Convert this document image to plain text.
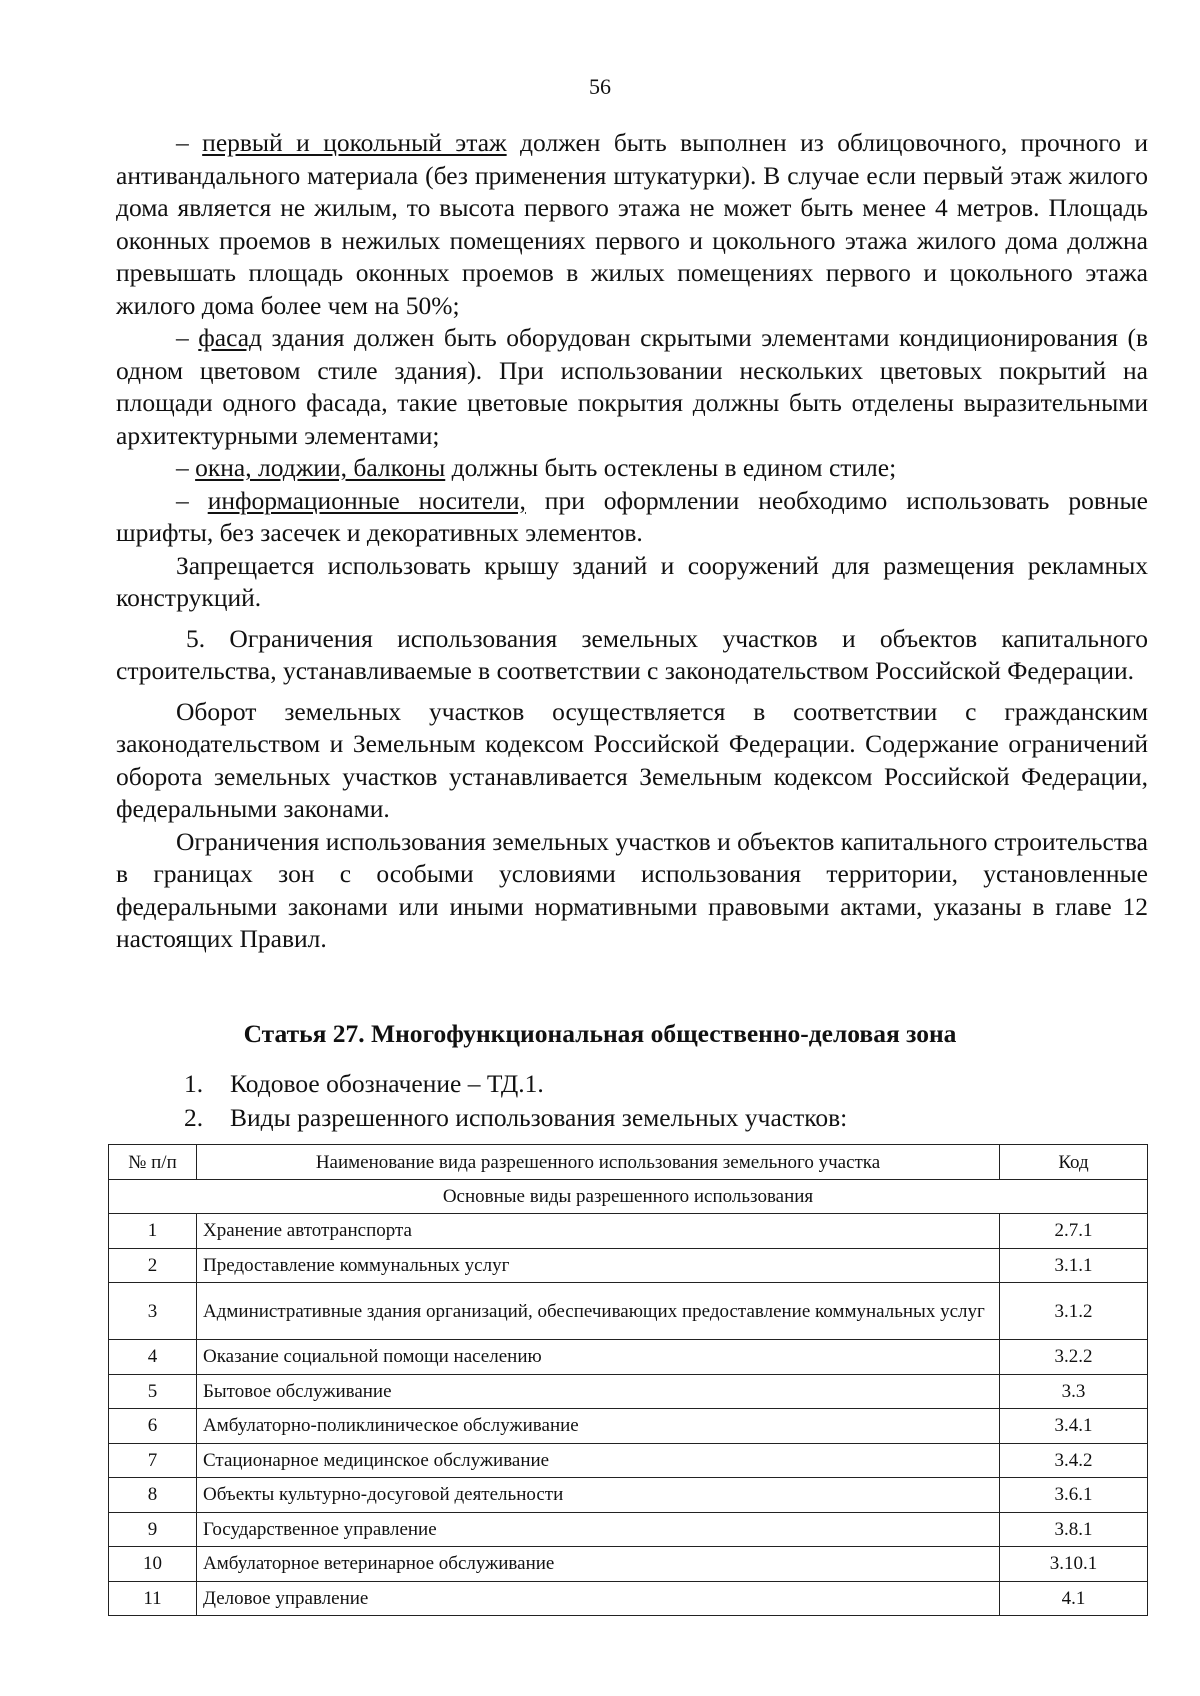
56

– первый и цокольный этаж должен быть выполнен из облицовочного, прочного и антивандального материала (без применения штукатурки). В случае если первый этаж жилого дома является не жилым, то высота первого этажа не может быть менее 4 метров. Площадь оконных проемов в нежилых помещениях первого и цокольного этажа жилого дома должна превышать площадь оконных проемов в жилых помещениях первого и цокольного этажа жилого дома более чем на 50%;

– фасад здания должен быть оборудован скрытыми элементами кондиционирования (в одном цветовом стиле здания). При использовании нескольких цветовых покрытий на площади одного фасада, такие цветовые покрытия должны быть отделены выразительными архитектурными элементами;

– окна, лоджии, балконы должны быть остеклены в едином стиле;

– информационные носители, при оформлении необходимо использовать ровные шрифты, без засечек и декоративных элементов.

Запрещается использовать крышу зданий и сооружений для размещения рекламных конструкций.

5. Ограничения использования земельных участков и объектов капитального строительства, устанавливаемые в соответствии с законодательством Российской Федерации.

Оборот земельных участков осуществляется в соответствии с гражданским законодательством и Земельным кодексом Российской Федерации. Содержание ограничений оборота земельных участков устанавливается Земельным кодексом Российской Федерации, федеральными законами.

Ограничения использования земельных участков и объектов капитального строительства в границах зон с особыми условиями использования территории, установленные федеральными законами или иными нормативными правовыми актами, указаны в главе 12 настоящих Правил.

Статья 27. Многофункциональная общественно-деловая зона
1. Кодовое обозначение – ТД.1.
2. Виды разрешенного использования земельных участков:
№ п/п	Наименование вида разрешенного использования земельного участка	Код
Основные виды разрешенного использования		
1	Хранение автотранспорта	2.7.1
2	Предоставление коммунальных услуг	3.1.1
3	Административные здания организаций, обеспечивающих предоставление коммунальных услуг	3.1.2
4	Оказание социальной помощи населению	3.2.2
5	Бытовое обслуживание	3.3
6	Амбулаторно-поликлиническое обслуживание	3.4.1
7	Стационарное медицинское обслуживание	3.4.2
8	Объекты культурно-досуговой деятельности	3.6.1
9	Государственное управление	3.8.1
10	Амбулаторное ветеринарное обслуживание	3.10.1
11	Деловое управление	4.1
